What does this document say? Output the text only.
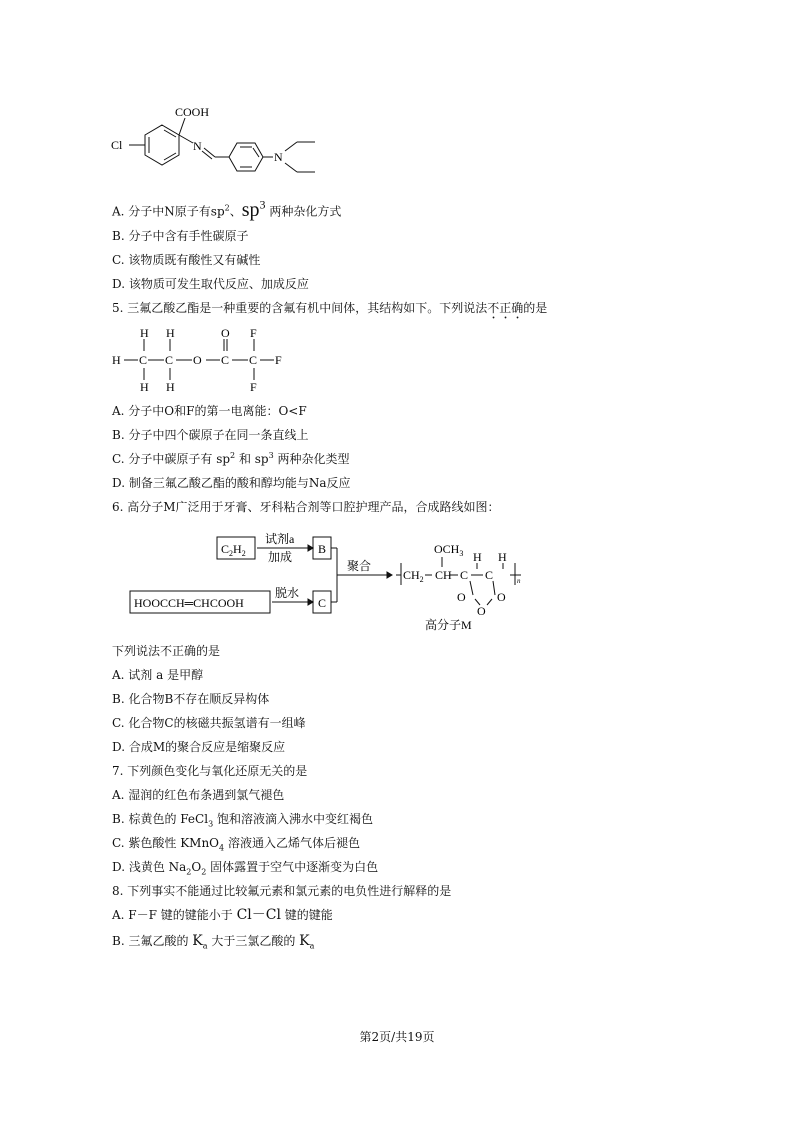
COOH
Cl	N
N
A. 分子中N原子有$sp^2$、$sp^3$ 两种杂化方式
B. 分子中含有手性碳原子
C. 该物质既有酸性又有碱性
D. 该物质可发生取代反应、加成反应
5. 三氟乙酸乙酯是一种重要的含氟有机中间体，其结构如下。下列说法不正确的是
H C C O C C F
H H	O F
H H	F
A. 分子中O和F的第一电离能：O<F
B. 分子中四个碳原子在同一条直线上
C. 分子中碳原子有 $sp^2$ 和 $sp^3$ 两种杂化类型
D. 制备三氟乙酸乙酯的酸和醇均能与Na反应
6. 高分子M广泛用于牙膏、牙科粘合剂等口腔护理产品，合成路线如图：
$C_2H_2$	B
试剂a
加成
HOOCCH═CHCOOH
脱水
C
聚合
$OCH_3$
$CH_2$ CH
H H
C C
O
O	O
n
高分子M
下列说法不正确的是
A. 试剂 a 是甲醇
B. 化合物B不存在顺反异构体
C. 化合物C的核磁共振氢谱有一组峰
D. 合成M的聚合反应是缩聚反应
7. 下列颜色变化与氧化还原无关的是
A. 湿润的红色布条遇到氯气褪色
B. 棕黄色的 FeCl$_3$ 饱和溶液滴入沸水中变红褐色
C. 紫色酸性 KMnO$_4$ 溶液通入乙烯气体后褪色
D. 浅黄色 $Na_2O_2$ 固体露置于空气中逐渐变为白色
8. 下列事实不能通过比较氟元素和氯元素的电负性进行解释的是
A. F－F 键的键能小于 Cl－Cl 键的键能
B. 三氟乙酸的 $K_a$ 大于三氯乙酸的 $K_a$
第2页/共19页
